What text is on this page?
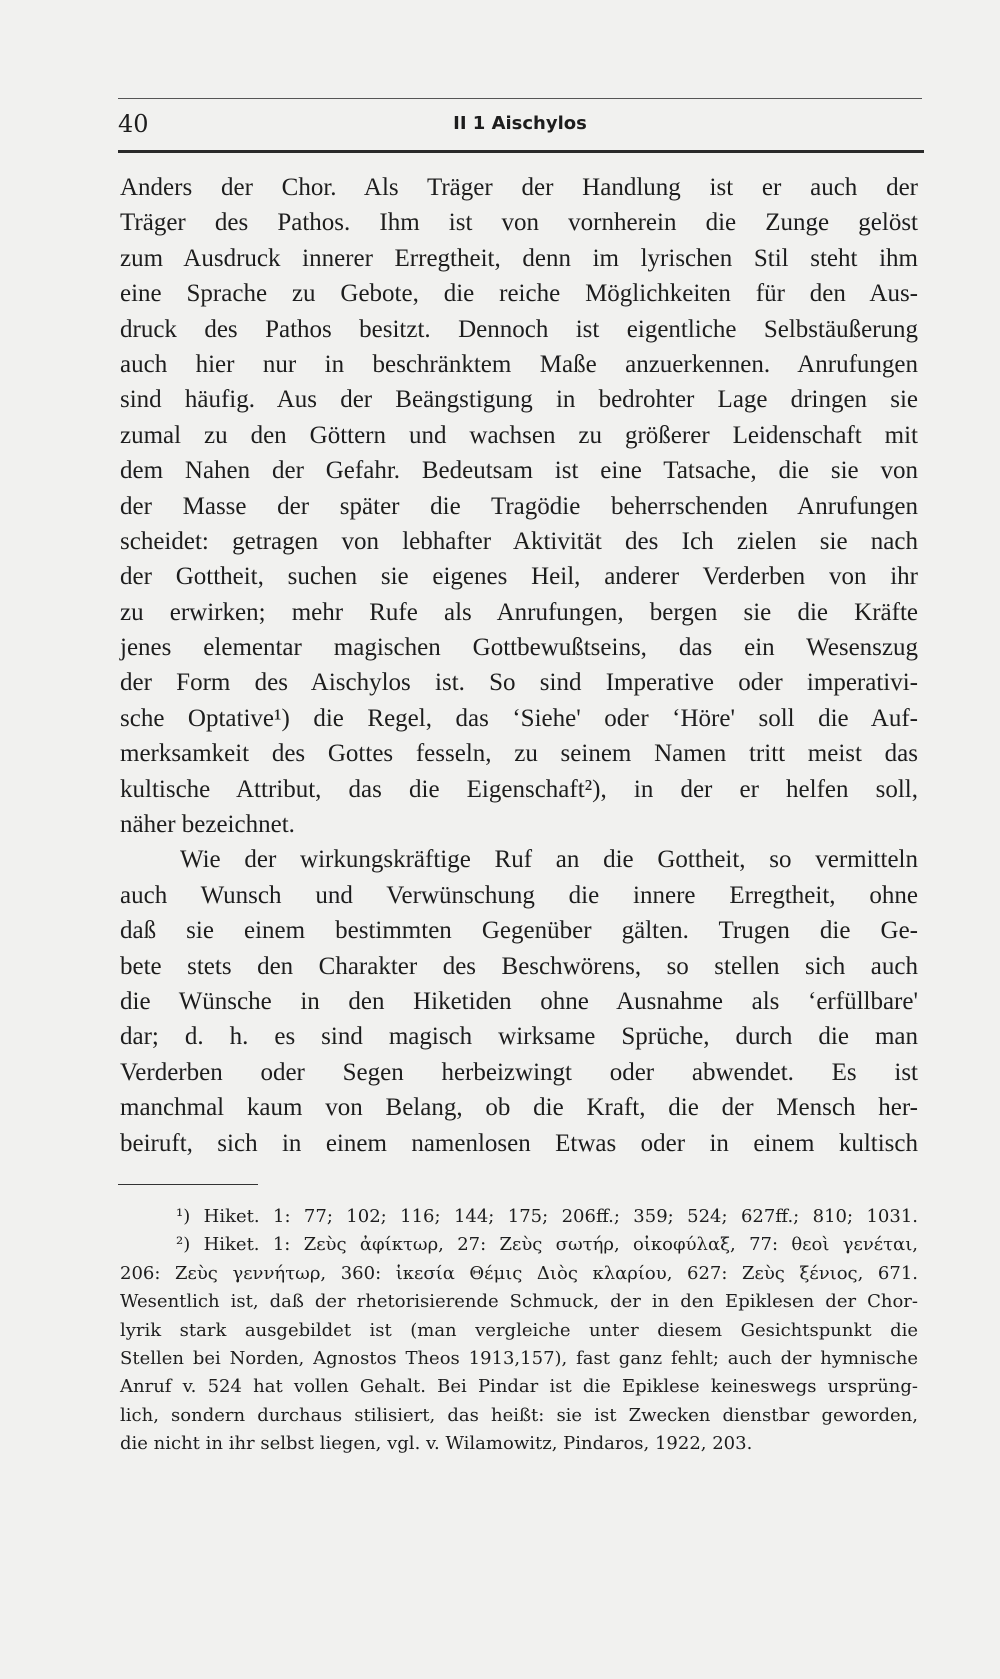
40	II 1 Aischylos
Anders der Chor. Als Träger der Handlung ist er auch der
Träger des Pathos. Ihm ist von vornherein die Zunge gelöst
zum Ausdruck innerer Erregtheit, denn im lyrischen Stil steht ihm
eine Sprache zu Gebote, die reiche Möglichkeiten für den Aus-
druck des Pathos besitzt. Dennoch ist eigentliche Selbstäußerung
auch hier nur in beschränktem Maße anzuerkennen. Anrufungen
sind häufig. Aus der Beängstigung in bedrohter Lage dringen sie
zumal zu den Göttern und wachsen zu größerer Leidenschaft mit
dem Nahen der Gefahr. Bedeutsam ist eine Tatsache, die sie von
der Masse der später die Tragödie beherrschenden Anrufungen
scheidet: getragen von lebhafter Aktivität des Ich zielen sie nach
der Gottheit, suchen sie eigenes Heil, anderer Verderben von ihr
zu erwirken; mehr Rufe als Anrufungen, bergen sie die Kräfte
jenes elementar magischen Gottbewußtseins, das ein Wesenszug
der Form des Aischylos ist. So sind Imperative oder imperativi-
sche Optative¹) die Regel, das ʻSiehe' oder ʻHöre' soll die Auf-
merksamkeit des Gottes fesseln, zu seinem Namen tritt meist das
kultische Attribut, das die Eigenschaft²), in der er helfen soll,
näher bezeichnet.
Wie der wirkungskräftige Ruf an die Gottheit, so vermitteln
auch Wunsch und Verwünschung die innere Erregtheit, ohne
daß sie einem bestimmten Gegenüber gälten. Trugen die Ge-
bete stets den Charakter des Beschwörens, so stellen sich auch
die Wünsche in den Hiketiden ohne Ausnahme als ʻerfüllbare'
dar; d. h. es sind magisch wirksame Sprüche, durch die man
Verderben oder Segen herbeizwingt oder abwendet. Es ist
manchmal kaum von Belang, ob die Kraft, die der Mensch her-
beiruft, sich in einem namenlosen Etwas oder in einem kultisch
¹) Hiket. 1: 77; 102; 116; 144; 175; 206ff.; 359; 524; 627ff.; 810; 1031.
²) Hiket. 1: Ζεὺς ἀφίκτωρ, 27: Ζεὺς σωτήρ, οἰκοφύλαξ, 77: θεοὶ γενέται,
206: Ζεὺς γεννήτωρ, 360: ἱκεσία Θέμις Διὸς κλαρίου, 627: Ζεὺς ξένιος, 671.
Wesentlich ist, daß der rhetorisierende Schmuck, der in den Epiklesen der Chor-
lyrik stark ausgebildet ist (man vergleiche unter diesem Gesichtspunkt die
Stellen bei Norden, Agnostos Theos 1913,157), fast ganz fehlt; auch der hymnische
Anruf v. 524 hat vollen Gehalt. Bei Pindar ist die Epiklese keineswegs ursprüng-
lich, sondern durchaus stilisiert, das heißt: sie ist Zwecken dienstbar geworden,
die nicht in ihr selbst liegen, vgl. v. Wilamowitz, Pindaros, 1922, 203.
